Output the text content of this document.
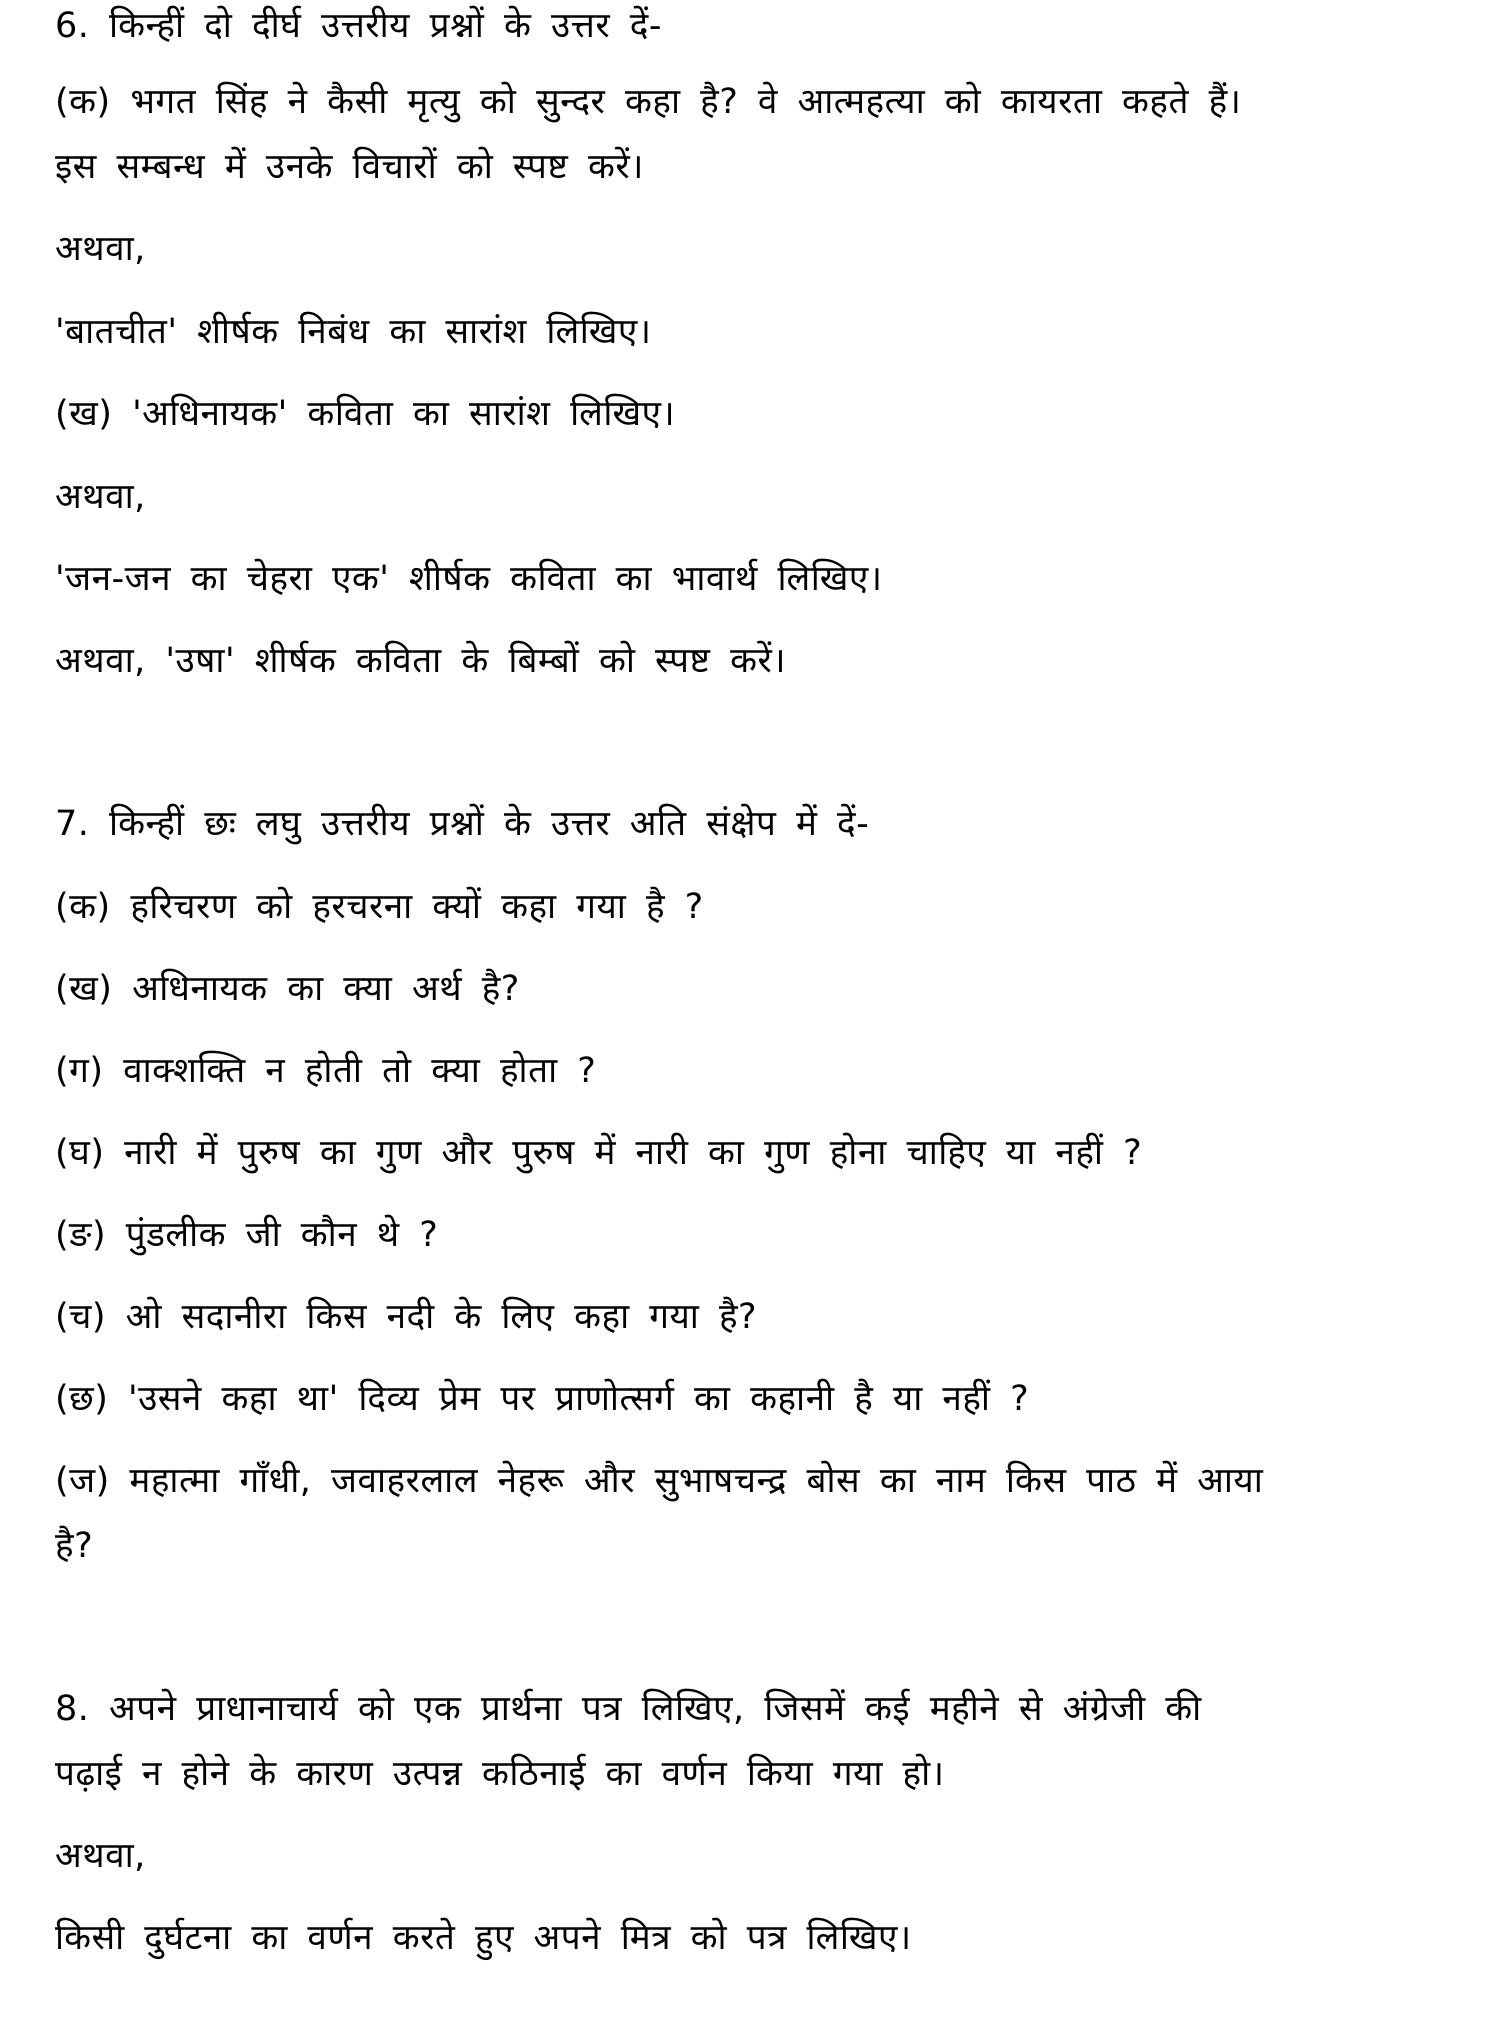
6. किन्हीं दो दीर्घ उत्तरीय प्रश्नों के उत्तर दें-
(क) भगत सिंह ने कैसी मृत्यु को सुन्दर कहा है? वे आत्महत्या को कायरता कहते हैं।
इस सम्बन्ध में उनके विचारों को स्पष्ट करें।
अथवा,
'बातचीत' शीर्षक निबंध का सारांश लिखिए।
(ख) 'अधिनायक' कविता का सारांश लिखिए।
अथवा,
'जन-जन का चेहरा एक' शीर्षक कविता का भावार्थ लिखिए।
अथवा, 'उषा' शीर्षक कविता के बिम्बों को स्पष्ट करें।
7. किन्हीं छः लघु उत्तरीय प्रश्नों के उत्तर अति संक्षेप में दें-
(क) हरिचरण को हरचरना क्यों कहा गया है ?
(ख) अधिनायक का क्या अर्थ है?
(ग) वाक्शक्ति न होती तो क्या होता ?
(घ) नारी में पुरुष का गुण और पुरुष में नारी का गुण होना चाहिए या नहीं ?
(ङ) पुंडलीक जी कौन थे ?
(च) ओ सदानीरा किस नदी के लिए कहा गया है?
(छ) 'उसने कहा था' दिव्य प्रेम पर प्राणोत्सर्ग का कहानी है या नहीं ?
(ज) महात्मा गाँधी, जवाहरलाल नेहरू और सुभाषचन्द्र बोस का नाम किस पाठ में आया
है?
8. अपने प्राधानाचार्य को एक प्रार्थना पत्र लिखिए, जिसमें कई महीने से अंग्रेजी की
पढ़ाई न होने के कारण उत्पन्न कठिनाई का वर्णन किया गया हो।
अथवा,
किसी दुर्घटना का वर्णन करते हुए अपने मित्र को पत्र लिखिए।
